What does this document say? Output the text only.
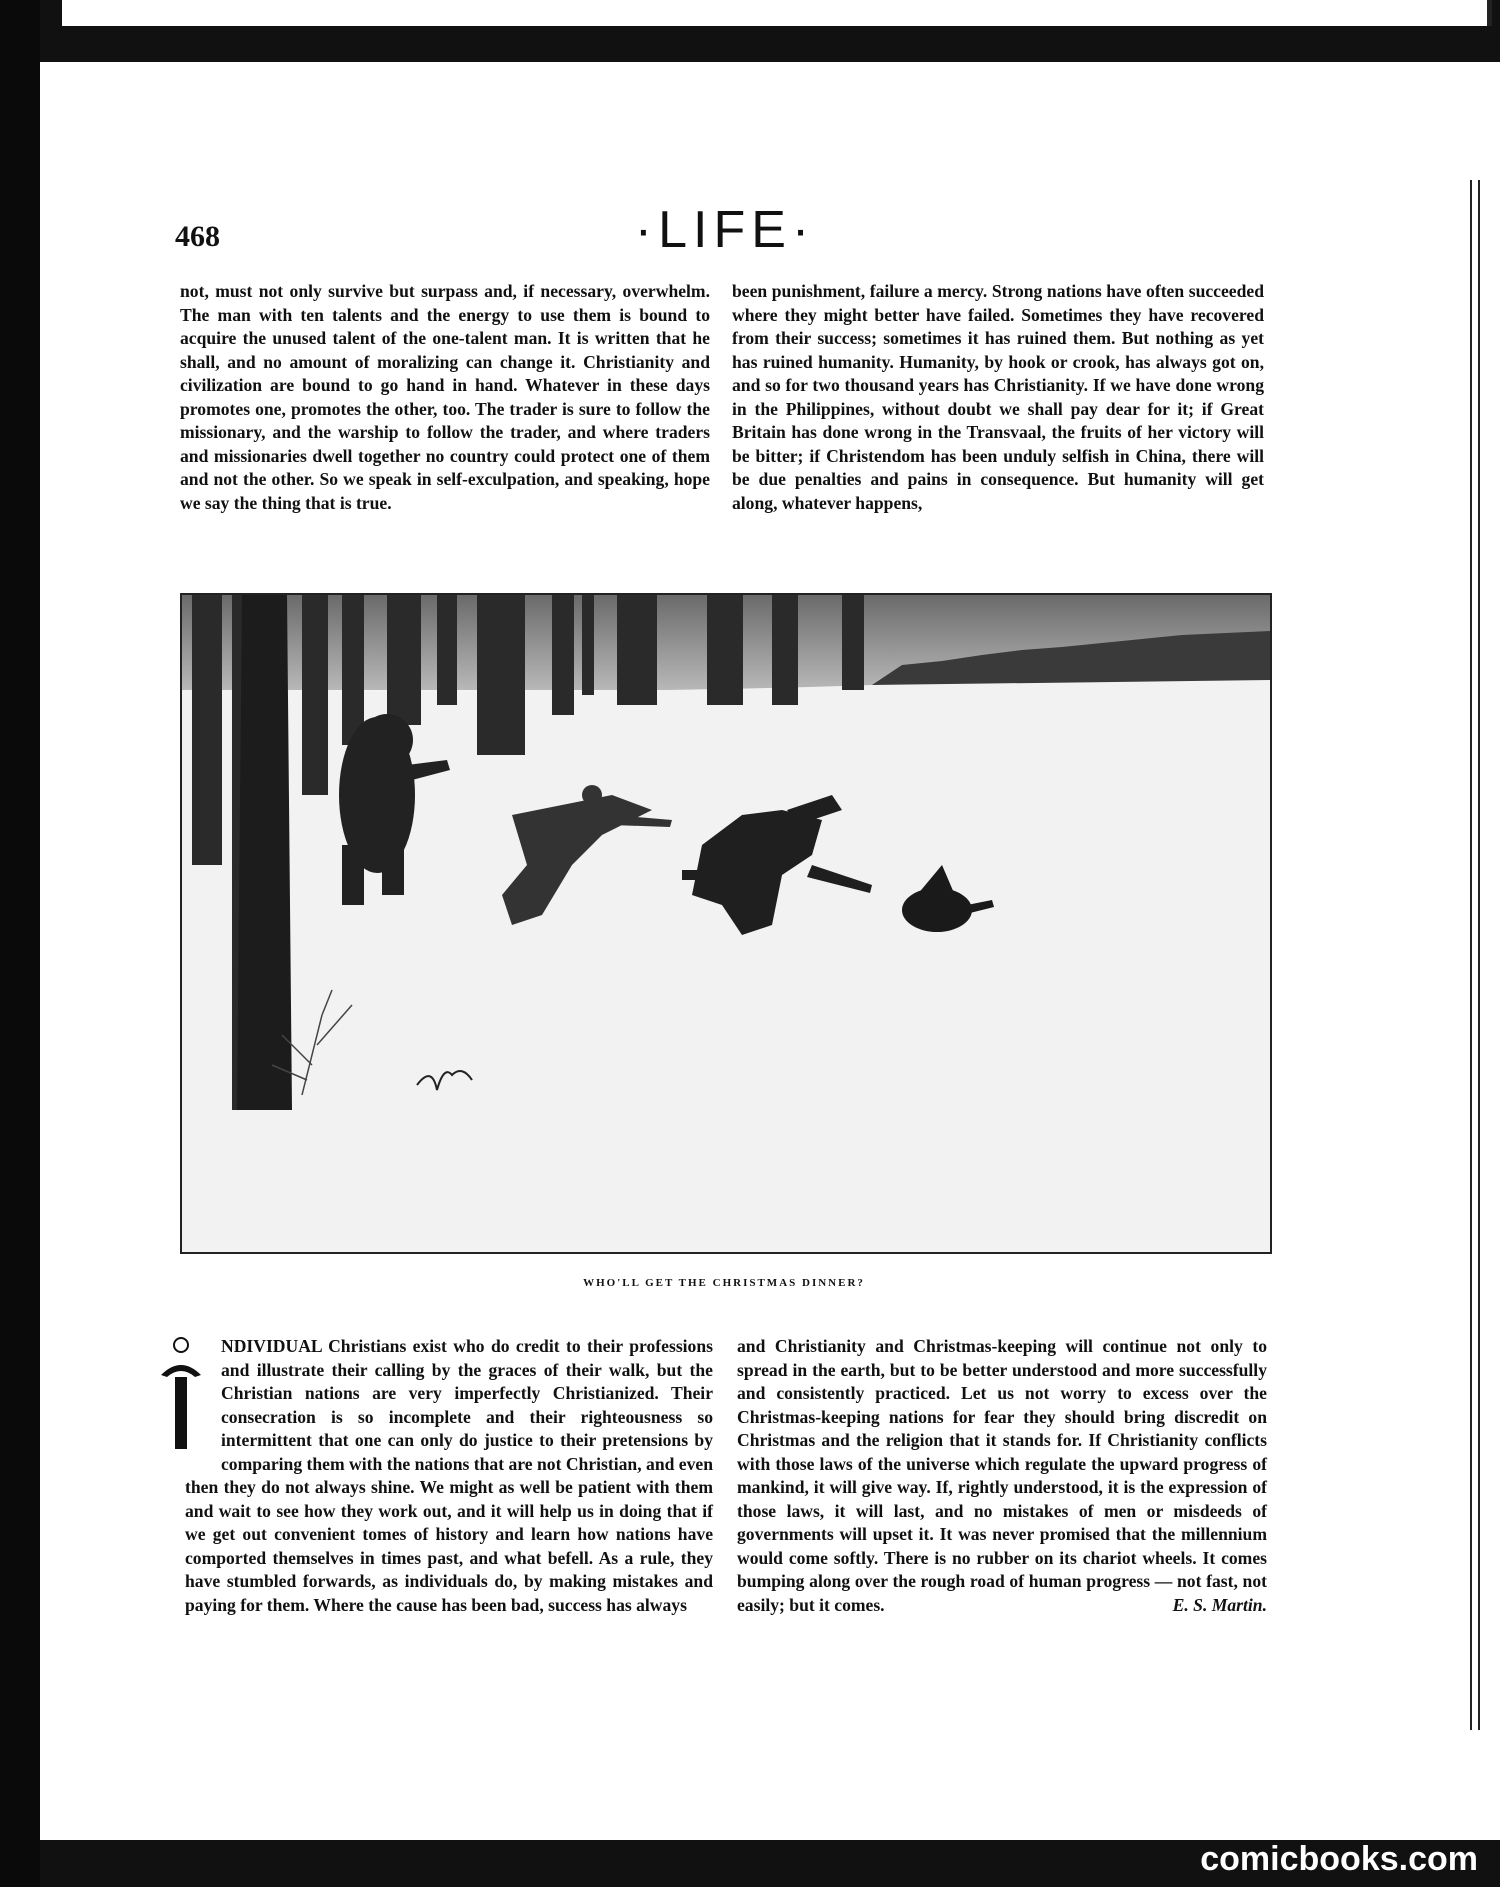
468	·LIFE·
not, must not only survive but surpass and, if necessary, overwhelm. The man with ten talents and the energy to use them is bound to acquire the unused talent of the one-talent man. It is written that he shall, and no amount of moralizing can change it. Christianity and civilization are bound to go hand in hand. Whatever in these days promotes one, promotes the other, too. The trader is sure to follow the missionary, and the warship to follow the trader, and where traders and missionaries dwell together no country could protect one of them and not the other. So we speak in self-exculpation, and speaking, hope we say the thing that is true.
been punishment, failure a mercy. Strong nations have often succeeded where they might better have failed. Sometimes they have recovered from their success; sometimes it has ruined them. But nothing as yet has ruined humanity. Humanity, by hook or crook, has always got on, and so for two thousand years has Christianity. If we have done wrong in the Philippines, without doubt we shall pay dear for it; if Great Britain has done wrong in the Transvaal, the fruits of her victory will be bitter; if Christendom has been unduly selfish in China, there will be due penalties and pains in consequence. But humanity will get along, whatever happens,
WHO'LL GET THE CHRISTMAS DINNER?
NDIVIDUAL Christians exist who do credit to their professions and illustrate their calling by the graces of their walk, but the Christian nations are very imperfectly Christianized. Their consecration is so incomplete and their righteousness so intermittent that one can only do justice to their pretensions by comparing them with the nations that are not Christian, and even then they do not always shine. We might as well be patient with them and wait to see how they work out, and it will help us in doing that if we get out convenient tomes of history and learn how nations have comported themselves in times past, and what befell. As a rule, they have stumbled forwards, as individuals do, by making mistakes and paying for them. Where the cause has been bad, success has always
and Christianity and Christmas-keeping will continue not only to spread in the earth, but to be better understood and more successfully and consistently practiced. Let us not worry to excess over the Christmas-keeping nations for fear they should bring discredit on Christmas and the religion that it stands for. If Christianity conflicts with those laws of the universe which regulate the upward progress of mankind, it will give way. If, rightly understood, it is the expression of those laws, it will last, and no mistakes of men or misdeeds of governments will upset it. It was never promised that the millennium would come softly. There is no rubber on its chariot wheels. It comes bumping along over the rough road of human progress — not fast, not easily; but it comes.	E. S. Martin.
comicbooks.com
